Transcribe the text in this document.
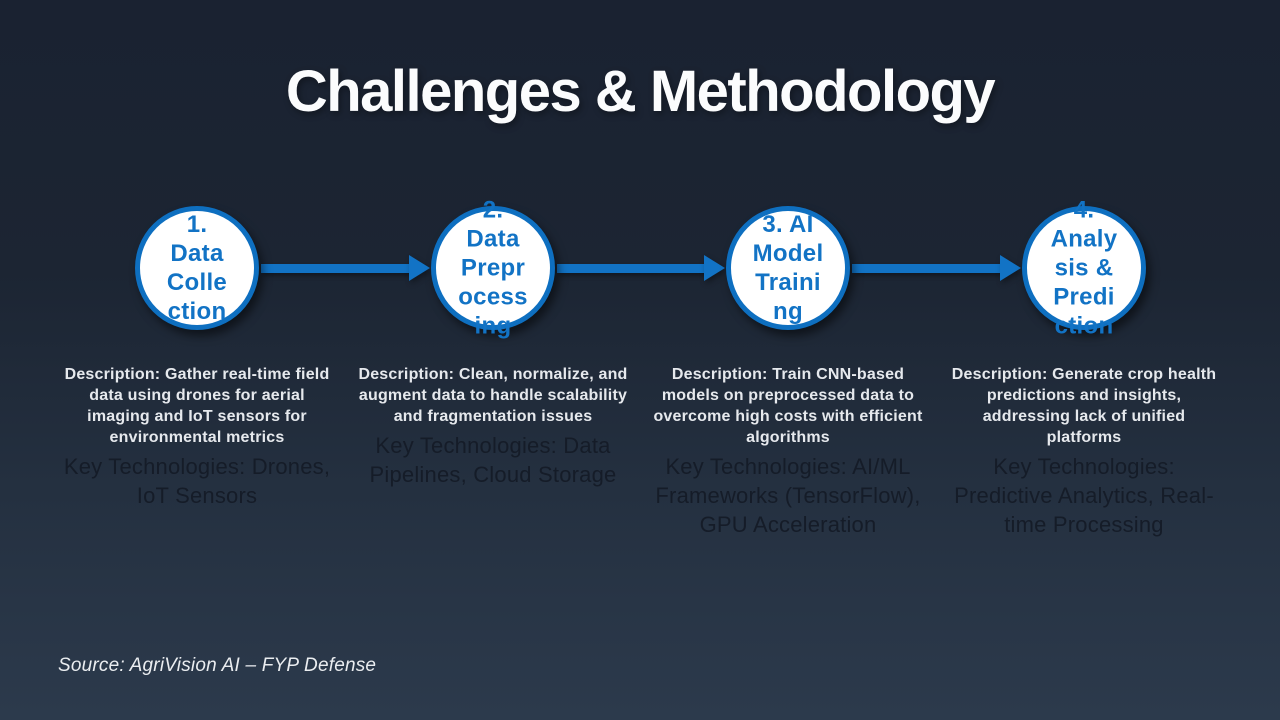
Challenges & Methodology
1.
Data
Colle
ction
Description: Gather real-time field data using drones for aerial imaging and IoT sensors for environmental metrics
Key Technologies: Drones, IoT Sensors
2.
Data
Prepr
ocess
ing
Description: Clean, normalize, and augment data to handle scalability and fragmentation issues
Key Technologies: Data Pipelines, Cloud Storage
3. AI
Model
Traini
ng
Description: Train CNN-based models on preprocessed data to overcome high costs with efficient algorithms
Key Technologies: AI/ML Frameworks (TensorFlow), GPU Acceleration
4.
Analy
sis &
Predi
ction
Description: Generate crop health predictions and insights, addressing lack of unified platforms
Key Technologies: Predictive Analytics, Real-time Processing
Source: AgriVision AI – FYP Defense
